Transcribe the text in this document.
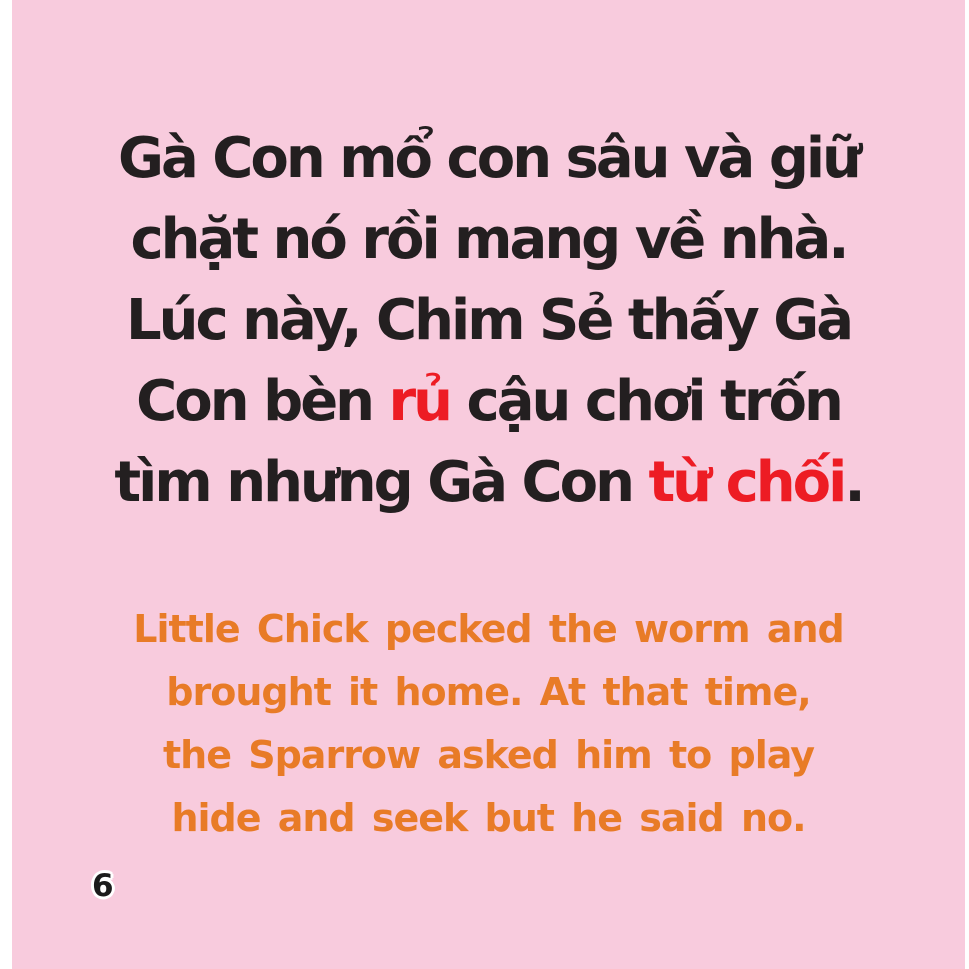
Gà Con mổ con sâu và giữ
chặt nó rồi mang về nhà.
Lúc này, Chim Sẻ thấy Gà
Con bèn rủ cậu chơi trốn
tìm nhưng Gà Con từ chối.
Little Chick pecked the worm and
brought it home. At that time,
the Sparrow asked him to play
hide and seek but he said no.
6
